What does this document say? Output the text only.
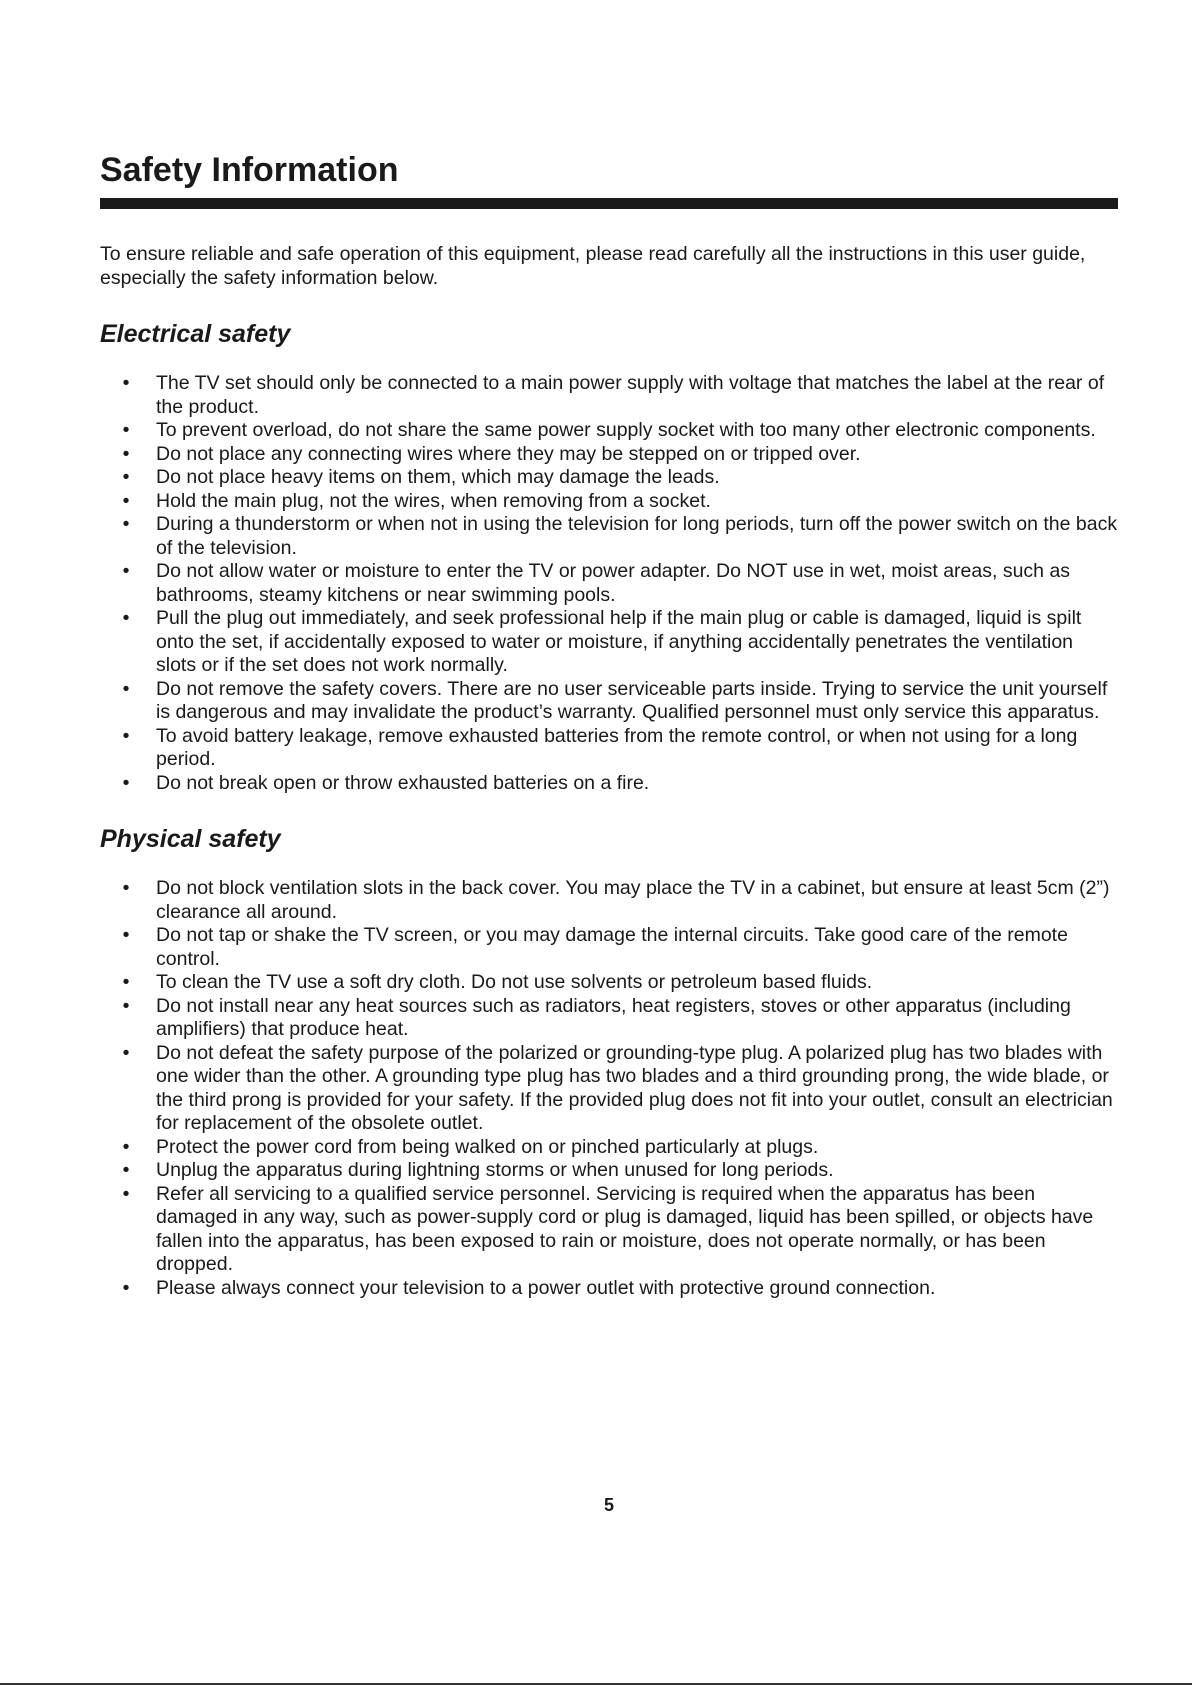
Safety Information

To ensure reliable and safe operation of this equipment, please read carefully all the instructions in this user guide, especially the safety information below.

Electrical safety
• The TV set should only be connected to a main power supply with voltage that matches the label at the rear of the product.
• To prevent overload, do not share the same power supply socket with too many other electronic components.
• Do not place any connecting wires where they may be stepped on or tripped over.
• Do not place heavy items on them, which may damage the leads.
• Hold the main plug, not the wires, when removing from a socket.
• During a thunderstorm or when not in using the television for long periods, turn off the power switch on the back of the television.
• Do not allow water or moisture to enter the TV or power adapter. Do NOT use in wet, moist areas, such as bathrooms, steamy kitchens or near swimming pools.
• Pull the plug out immediately, and seek professional help if the main plug or cable is damaged, liquid is spilt onto the set, if accidentally exposed to water or moisture, if anything accidentally penetrates the ventilation slots or if the set does not work normally.
• Do not remove the safety covers. There are no user serviceable parts inside. Trying to service the unit yourself is dangerous and may invalidate the product’s warranty. Qualified personnel must only service this apparatus.
• To avoid battery leakage, remove exhausted batteries from the remote control, or when not using for a long period.
• Do not break open or throw exhausted batteries on a fire.
Physical safety
• Do not block ventilation slots in the back cover. You may place the TV in a cabinet, but ensure at least 5cm (2”) clearance all around.
• Do not tap or shake the TV screen, or you may damage the internal circuits. Take good care of the remote control.
• To clean the TV use a soft dry cloth. Do not use solvents or petroleum based fluids.
• Do not install near any heat sources such as radiators, heat registers, stoves or other apparatus (including amplifiers) that produce heat.
• Do not defeat the safety purpose of the polarized or grounding-type plug. A polarized plug has two blades with one wider than the other. A grounding type plug has two blades and a third grounding prong, the wide blade, or the third prong is provided for your safety. If the provided plug does not fit into your outlet, consult an electrician for replacement of the obsolete outlet.
• Protect the power cord from being walked on or pinched particularly at plugs.
• Unplug the apparatus during lightning storms or when unused for long periods.
• Refer all servicing to a qualified service personnel. Servicing is required when the apparatus has been damaged in any way, such as power-supply cord or plug is damaged, liquid has been spilled, or objects have fallen into the apparatus, has been exposed to rain or moisture, does not operate normally, or has been dropped.
• Please always connect your television to a power outlet with protective ground connection.
5
